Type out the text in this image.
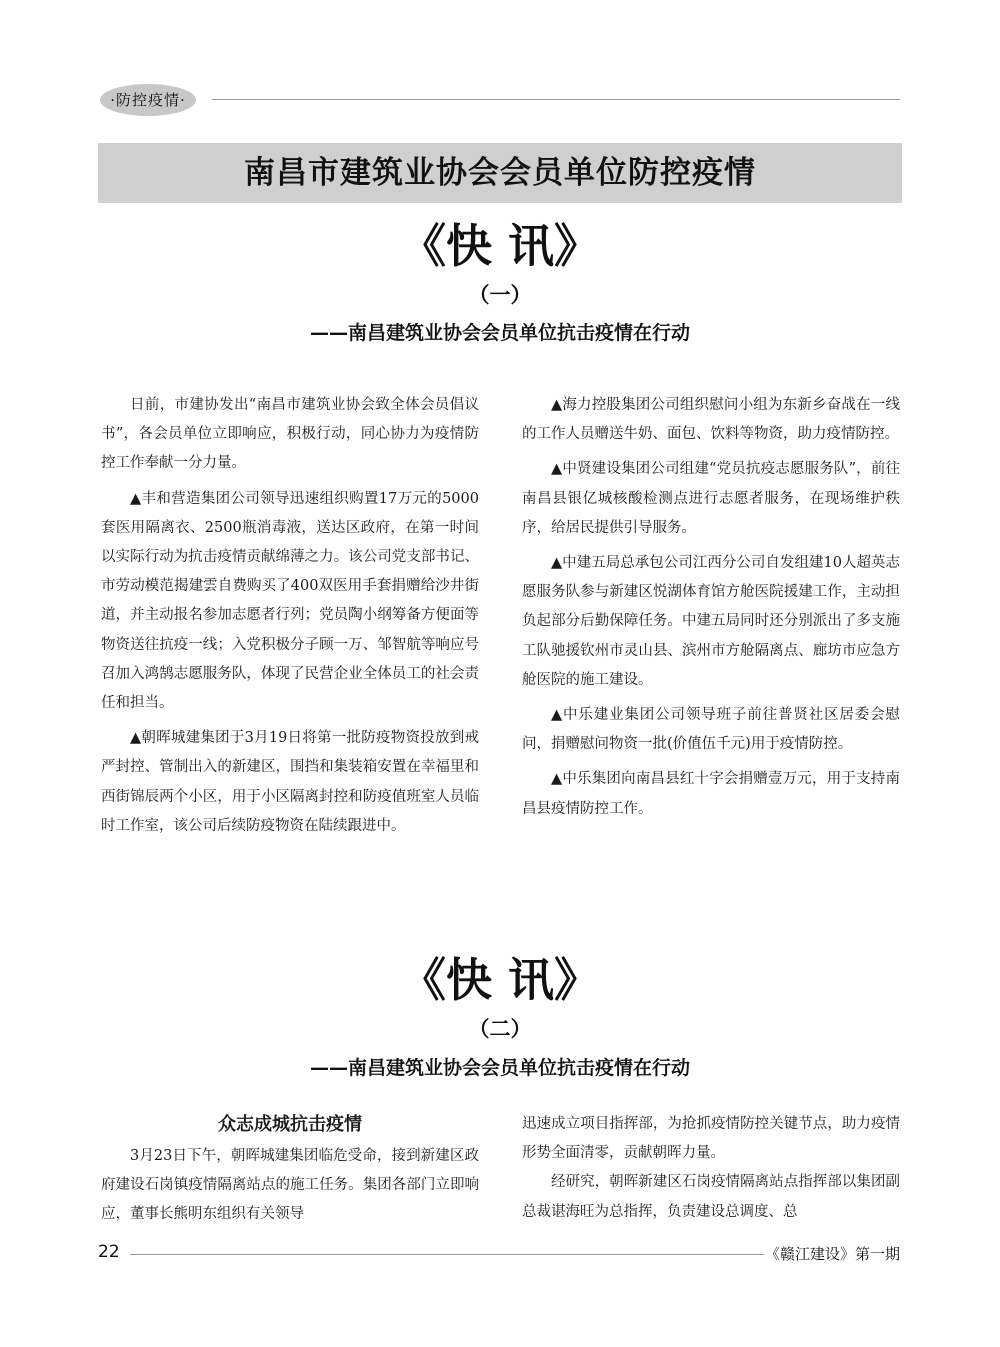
·防控疫情·
南昌市建筑业协会会员单位防控疫情
《快 讯》
（一）
——南昌建筑业协会会员单位抗击疫情在行动

日前，市建协发出“南昌市建筑业协会致全体会员倡议书”，各会员单位立即响应，积极行动，同心协力为疫情防控工作奉献一分力量。

▲丰和营造集团公司领导迅速组织购置17万元的5000套医用隔离衣、2500瓶消毒液，送达区政府，在第一时间以实际行动为抗击疫情贡献绵薄之力。该公司党支部书记、市劳动模范揭建雲自费购买了400双医用手套捐赠给沙井街道，并主动报名参加志愿者行列；党员陶小纲筹备方便面等物资送往抗疫一线；入党积极分子顾一万、邹智航等响应号召加入鸿鹄志愿服务队，体现了民营企业全体员工的社会责任和担当。

▲朝晖城建集团于3月19日将第一批防疫物资投放到戒严封控、管制出入的新建区，围挡和集装箱安置在幸福里和西街锦辰两个小区，用于小区隔离封控和防疫值班室人员临时工作室，该公司后续防疫物资在陆续跟进中。

▲海力控股集团公司组织慰问小组为东新乡奋战在一线的工作人员赠送牛奶、面包、饮料等物资，助力疫情防控。

▲中贤建设集团公司组建“党员抗疫志愿服务队”，前往南昌县银亿城核酸检测点进行志愿者服务，在现场维护秩序，给居民提供引导服务。

▲中建五局总承包公司江西分公司自发组建10人超英志愿服务队参与新建区悦湖体育馆方舱医院援建工作，主动担负起部分后勤保障任务。中建五局同时还分别派出了多支施工队驰援钦州市灵山县、滨州市方舱隔离点、廊坊市应急方舱医院的施工建设。

▲中乐建业集团公司领导班子前往普贤社区居委会慰问，捐赠慰问物资一批(价值伍千元)用于疫情防控。

▲中乐集团向南昌县红十字会捐赠壹万元，用于支持南昌县疫情防控工作。

《快 讯》
（二）
——南昌建筑业协会会员单位抗击疫情在行动
众志成城抗击疫情

3月23日下午，朝晖城建集团临危受命，接到新建区政府建设石岗镇疫情隔离站点的施工任务。集团各部门立即响应，董事长熊明东组织有关领导

迅速成立项目指挥部，为抢抓疫情防控关键节点，助力疫情形势全面清零，贡献朝晖力量。

经研究，朝晖新建区石岗疫情隔离站点指挥部以集团副总裁谌海旺为总指挥，负责建设总调度、总

22	《赣江建设》第一期
